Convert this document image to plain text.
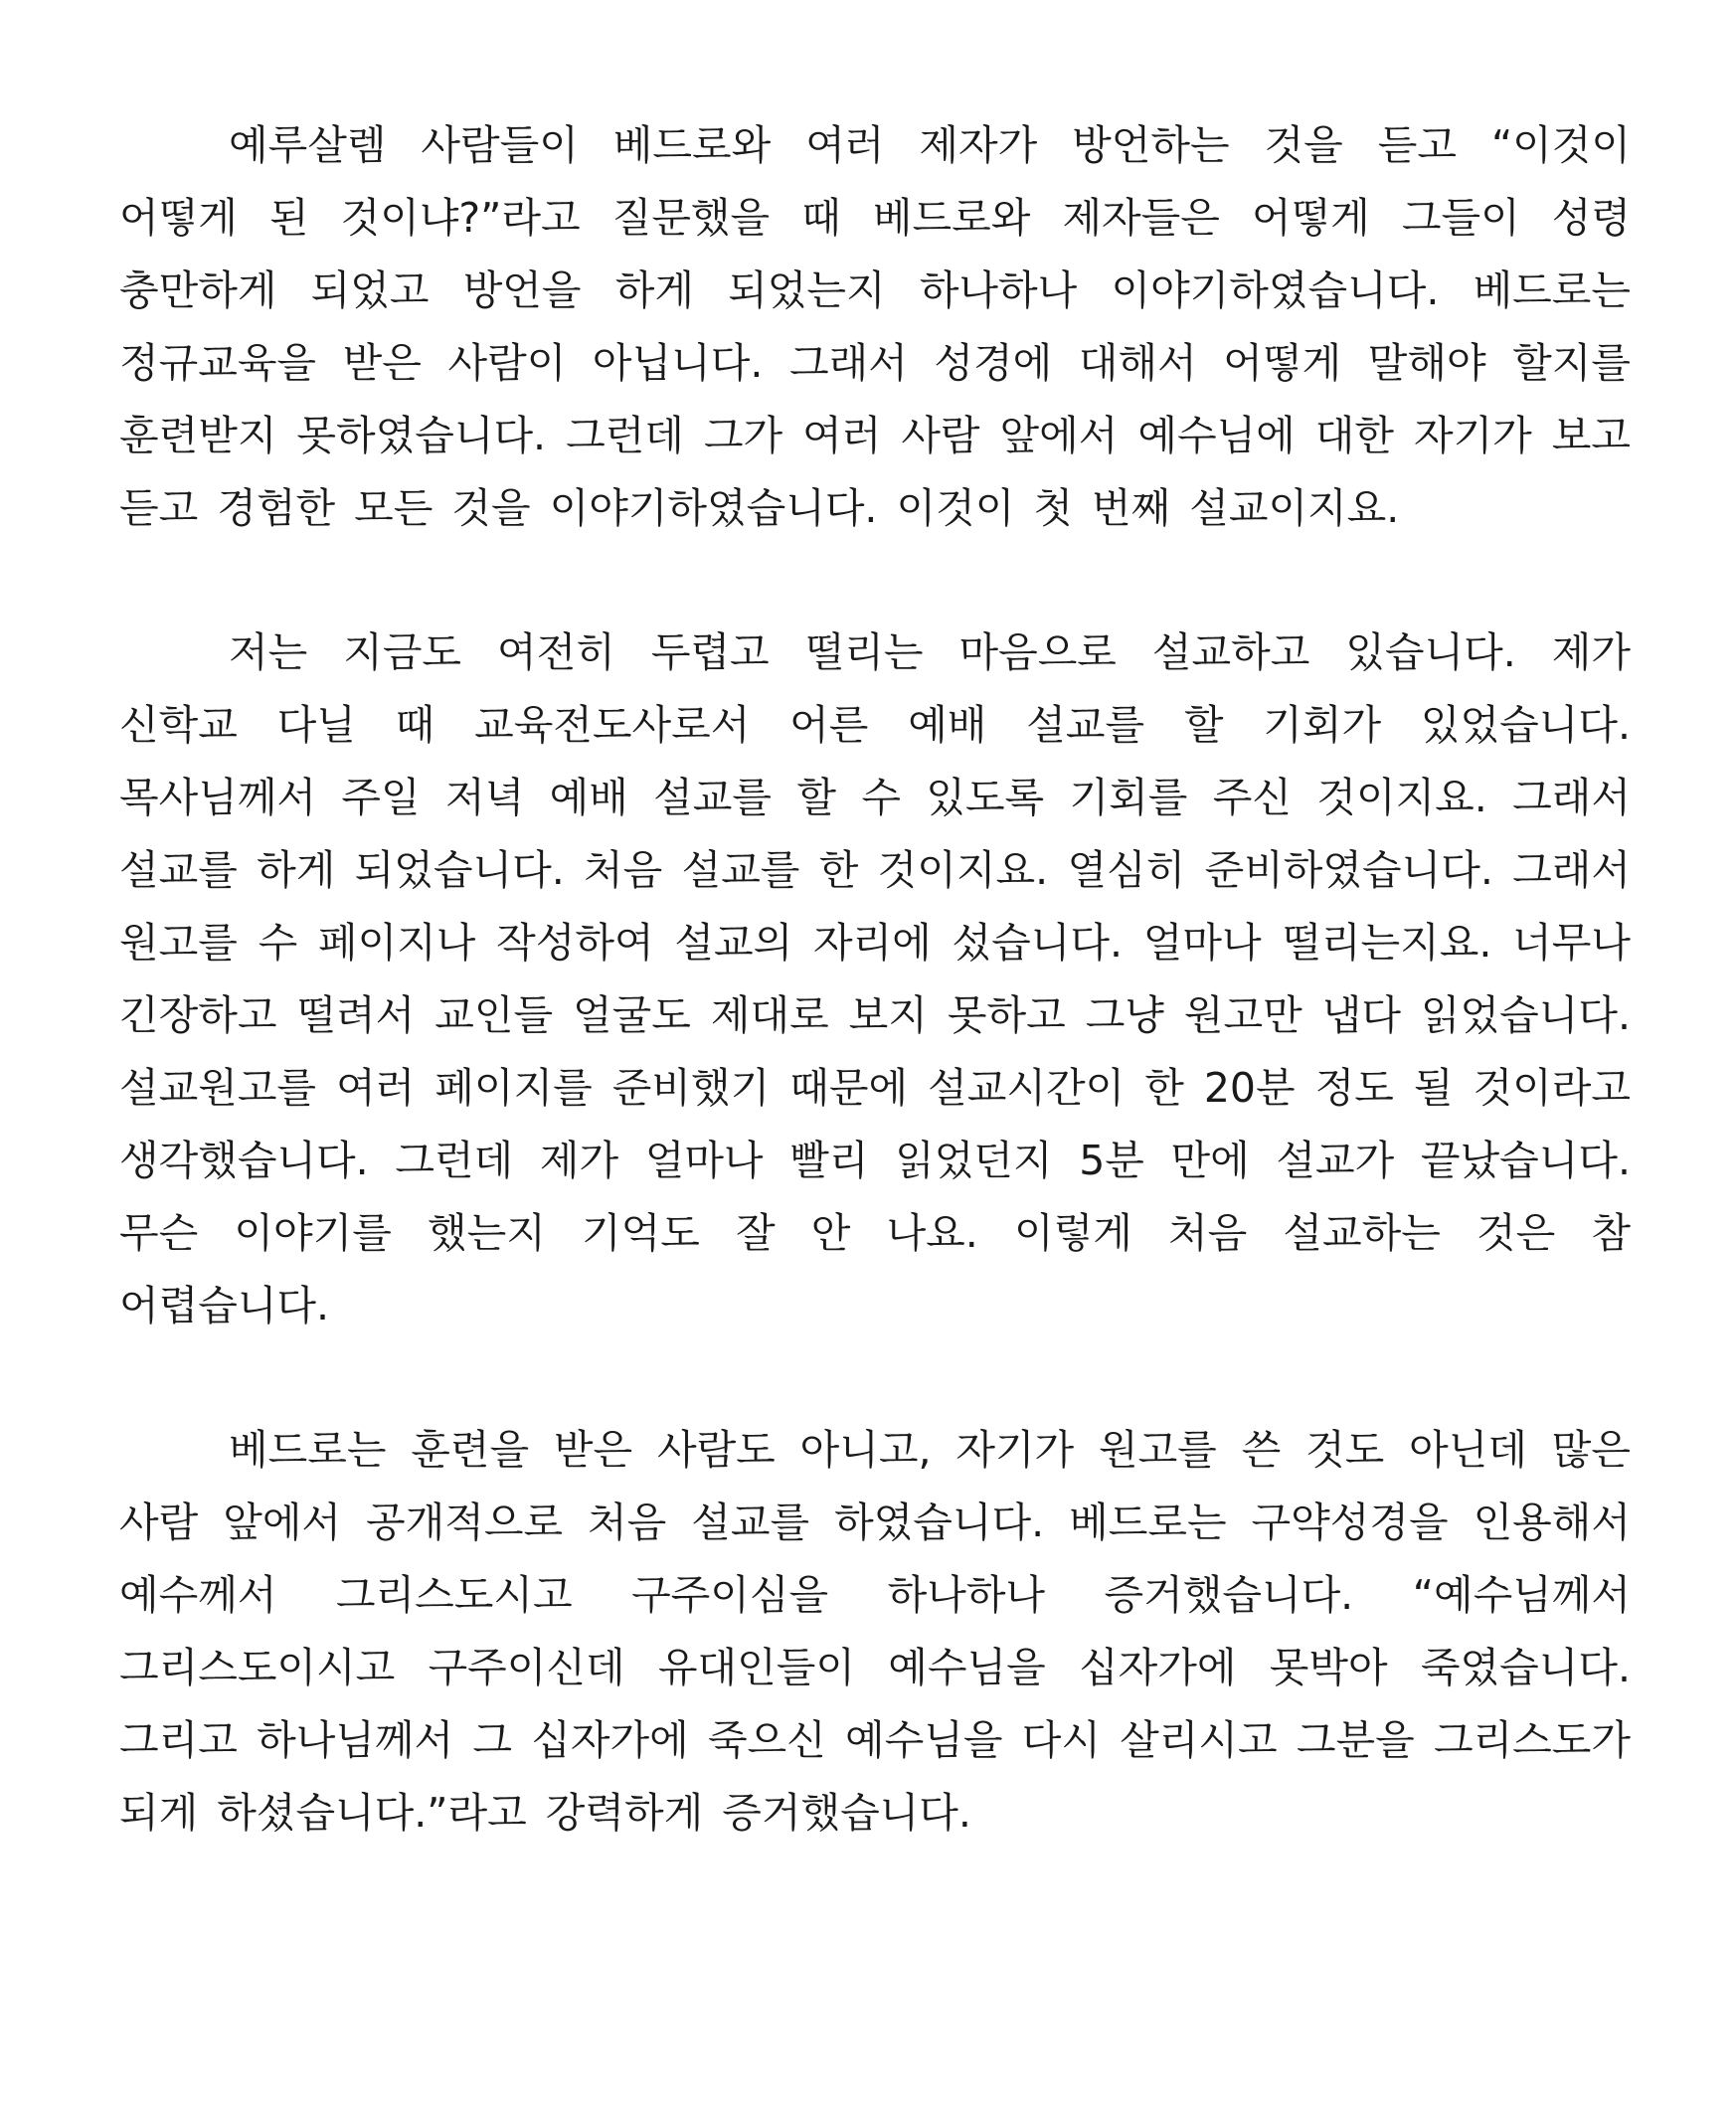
예루살렘 사람들이 베드로와 여러 제자가 방언하는 것을 듣고 “이것이 어떻게 된 것이냐?”라고 질문했을 때 베드로와 제자들은 어떻게 그들이 성령 충만하게 되었고 방언을 하게 되었는지 하나하나 이야기하였습니다. 베드로는 정규교육을 받은 사람이 아닙니다. 그래서 성경에 대해서 어떻게 말해야 할지를 훈련받지 못하였습니다. 그런데 그가 여러 사람 앞에서 예수님에 대한 자기가 보고 듣고 경험한 모든 것을 이야기하였습니다. 이것이 첫 번째 설교이지요.

저는 지금도 여전히 두렵고 떨리는 마음으로 설교하고 있습니다. 제가 신학교 다닐 때 교육전도사로서 어른 예배 설교를 할 기회가 있었습니다. 목사님께서 주일 저녁 예배 설교를 할 수 있도록 기회를 주신 것이지요. 그래서 설교를 하게 되었습니다. 처음 설교를 한 것이지요. 열심히 준비하였습니다. 그래서 원고를 수 페이지나 작성하여 설교의 자리에 섰습니다. 얼마나 떨리는지요. 너무나 긴장하고 떨려서 교인들 얼굴도 제대로 보지 못하고 그냥 원고만 냅다 읽었습니다. 설교원고를 여러 페이지를 준비했기 때문에 설교시간이 한 20분 정도 될 것이라고 생각했습니다. 그런데 제가 얼마나 빨리 읽었던지 5분 만에 설교가 끝났습니다. 무슨 이야기를 했는지 기억도 잘 안 나요. 이렇게 처음 설교하는 것은 참 어렵습니다.

베드로는 훈련을 받은 사람도 아니고, 자기가 원고를 쓴 것도 아닌데 많은 사람 앞에서 공개적으로 처음 설교를 하였습니다. 베드로는 구약성경을 인용해서 예수께서 그리스도시고 구주이심을 하나하나 증거했습니다. “예수님께서 그리스도이시고 구주이신데 유대인들이 예수님을 십자가에 못박아 죽였습니다. 그리고 하나님께서 그 십자가에 죽으신 예수님을 다시 살리시고 그분을 그리스도가 되게 하셨습니다.”라고 강력하게 증거했습니다.
